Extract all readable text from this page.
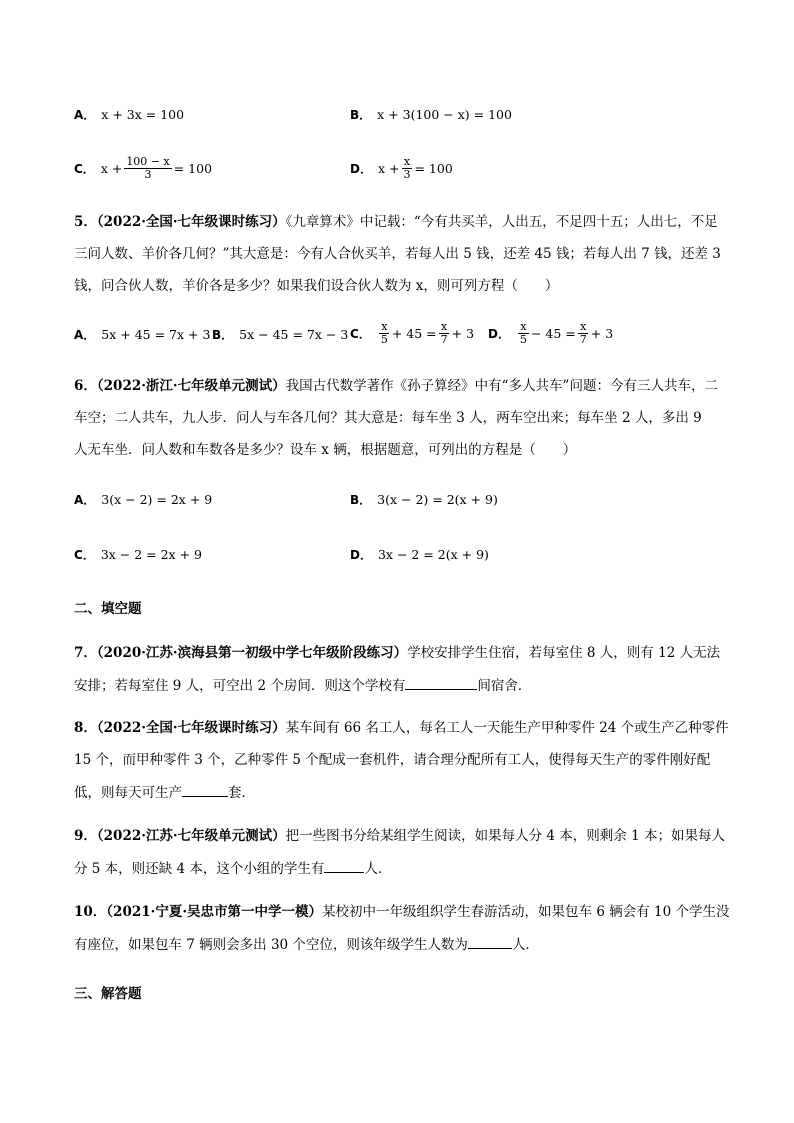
A． x + 3x = 100	B． x + 3(100 − x) = 100
C． $x + \frac{100 - x}{3} = 100$	D． $x + \frac{x}{3} = 100$
5．（2022·全国·七年级课时练习）《九章算术》中记载：“今有共买羊，人出五，不足四十五；人出七，不足
三问人数、羊价各几何？”其大意是：今有人合伙买羊，若每人出 5 钱，还差 45 钱；若每人出 7 钱，还差 3
钱，问合伙人数，羊价各是多少？如果我们设合伙人数为 x，则可列方程（　　）
A． 5x + 45 = 7x + 3 B． 5x − 45 = 7x − 3 C． $\frac{x}{5} + 45 = \frac{x}{7} + 3$ D． $\frac{x}{5} - 45 = \frac{x}{7} + 3$
6．（2022·浙江·七年级单元测试）我国古代数学著作《孙子算经》中有“多人共车”问题：今有三人共车，二
车空；二人共车，九人步．问人与车各几何？其大意是：每车坐 3 人，两车空出来；每车坐 2 人，多出 9
人无车坐．问人数和车数各是多少？设车 x 辆，根据题意，可列出的方程是（　　）
A． 3(x − 2) = 2x + 9	B． 3(x − 2) = 2(x + 9)
C． 3x − 2 = 2x + 9	D． 3x − 2 = 2(x + 9)
二、填空题
7．（2020·江苏·滨海县第一初级中学七年级阶段练习）学校安排学生住宿，若每室住 8 人，则有 12 人无法
安排；若每室住 9 人，可空出 2 个房间．则这个学校有	间宿舍．
8．（2022·全国·七年级课时练习）某车间有 66 名工人，每名工人一天能生产甲种零件 24 个或生产乙种零件
15 个，而甲种零件 3 个，乙种零件 5 个配成一套机件，请合理分配所有工人，使得每天生产的零件刚好配
低，则每天可生产	套．
9．（2022·江苏·七年级单元测试）把一些图书分给某组学生阅读，如果每人分 4 本，则剩余 1 本；如果每人
分 5 本，则还缺 4 本，这个小组的学生有	人．
10．（2021·宁夏·吴忠市第一中学一模）某校初中一年级组织学生春游活动，如果包车 6 辆会有 10 个学生没
有座位，如果包车 7 辆则会多出 30 个空位，则该年级学生人数为	人．
三、解答题
